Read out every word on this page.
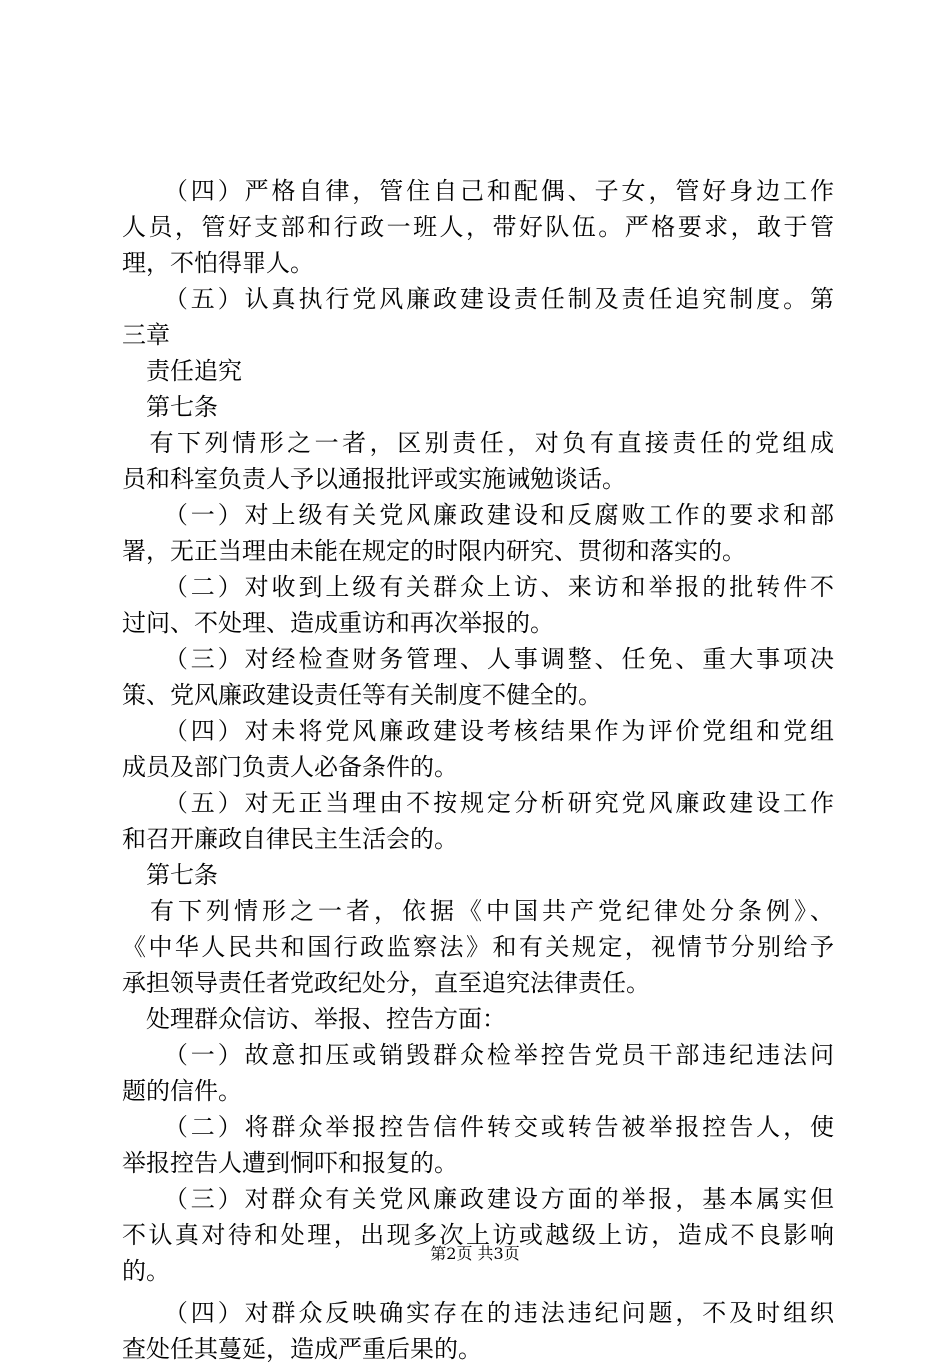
　　（四）严格自律，管住自己和配偶、子女，管好身边工作
人员，管好支部和行政一班人，带好队伍。严格要求，敢于管
理，不怕得罪人。
　　（五）认真执行党风廉政建设责任制及责任追究制度。第
三章
　责任追究
　第七条
　有下列情形之一者，区别责任，对负有直接责任的党组成
员和科室负责人予以通报批评或实施诫勉谈话。
　　（一）对上级有关党风廉政建设和反腐败工作的要求和部
署，无正当理由未能在规定的时限内研究、贯彻和落实的。
　　（二）对收到上级有关群众上访、来访和举报的批转件不
过问、不处理、造成重访和再次举报的。
　　（三）对经检查财务管理、人事调整、任免、重大事项决
策、党风廉政建设责任等有关制度不健全的。
　　（四）对未将党风廉政建设考核结果作为评价党组和党组
成员及部门负责人必备条件的。
　　（五）对无正当理由不按规定分析研究党风廉政建设工作
和召开廉政自律民主生活会的。
　第七条
　有下列情形之一者，依据《中国共产党纪律处分条例》、
《中华人民共和国行政监察法》和有关规定，视情节分别给予
承担领导责任者党政纪处分，直至追究法律责任。
　处理群众信访、举报、控告方面：
　　（一）故意扣压或销毁群众检举控告党员干部违纪违法问
题的信件。
　　（二）将群众举报控告信件转交或转告被举报控告人，使
举报控告人遭到恫吓和报复的。
　　（三）对群众有关党风廉政建设方面的举报，基本属实但
不认真对待和处理，出现多次上访或越级上访，造成不良影响
的。
　　（四）对群众反映确实存在的违法违纪问题，不及时组织
查处任其蔓延，造成严重后果的。
第2页 共3页
